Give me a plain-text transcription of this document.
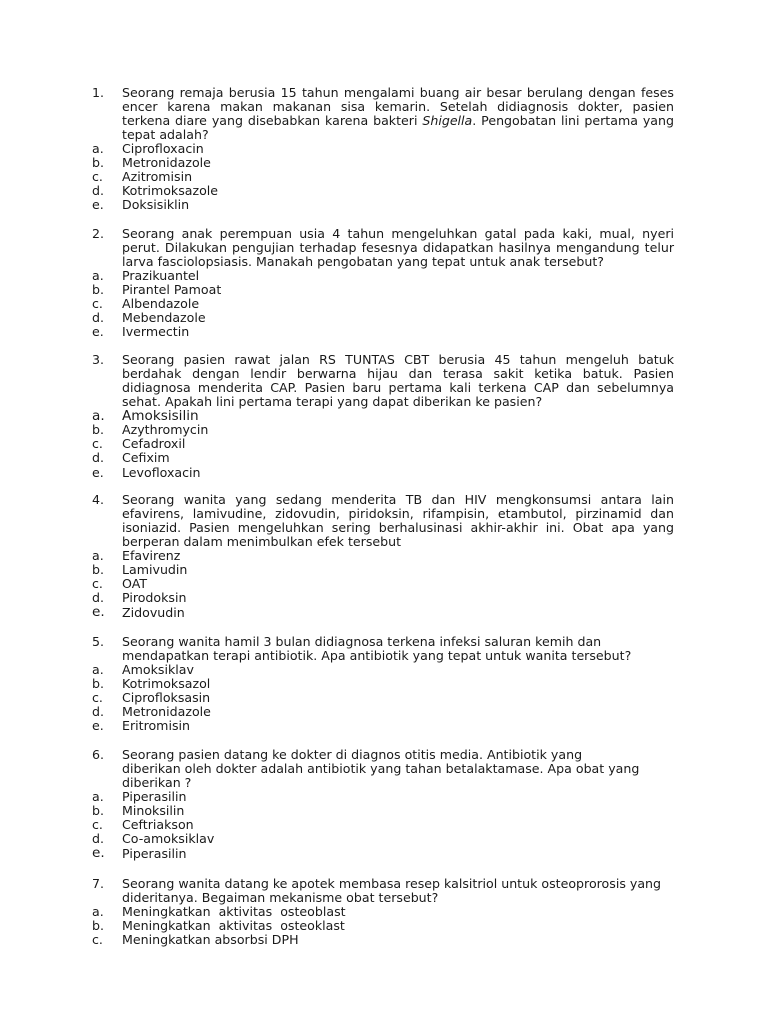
1. Seorang remaja berusia 15 tahun mengalami buang air besar berulang dengan feses encer karena makan makanan sisa kemarin. Setelah didiagnosis dokter, pasien terkena diare yang disebabkan karena bakteri Shigella. Pengobatan lini pertama yang tepat adalah?
a. Ciprofloxacin
b. Metronidazole
c. Azitromisin
d. Kotrimoksazole
e. Doksisiklin
2. Seorang anak perempuan usia 4 tahun mengeluhkan gatal pada kaki, mual, nyeri perut. Dilakukan pengujian terhadap fesesnya didapatkan hasilnya mengandung telur larva fasciolopsiasis. Manakah pengobatan yang tepat untuk anak tersebut?
a. Prazikuantel
b. Pirantel Pamoat
c. Albendazole
d. Mebendazole
e. Ivermectin
3. Seorang pasien rawat jalan RS TUNTAS CBT berusia 45 tahun mengeluh batuk berdahak dengan lendir berwarna hijau dan terasa sakit ketika batuk. Pasien didiagnosa menderita CAP. Pasien baru pertama kali terkena CAP dan sebelumnya sehat. Apakah lini pertama terapi yang dapat diberikan ke pasien?
a. Amoksisilin
b. Azythromycin
c. Cefadroxil
d. Cefixim
e. Levofloxacin
4. Seorang wanita yang sedang menderita TB dan HIV mengkonsumsi antara lain efavirens, lamivudine, zidovudin, piridoksin, rifampisin, etambutol, pirzinamid dan isoniazid. Pasien mengeluhkan sering berhalusinasi akhir-akhir ini. Obat apa yang berperan dalam menimbulkan efek tersebut
a. Efavirenz
b. Lamivudin
c. OAT
d. Pirodoksin
e. Zidovudin
5. Seorang wanita hamil 3 bulan didiagnosa terkena infeksi saluran kemih dan
mendapatkan terapi antibiotik. Apa antibiotik yang tepat untuk wanita tersebut?
a. Amoksiklav
b. Kotrimoksazol
c. Ciprofloksasin
d. Metronidazole
e. Eritromisin
6. Seorang pasien datang ke dokter di diagnos otitis media. Antibiotik yang
diberikan oleh dokter adalah antibiotik yang tahan betalaktamase. Apa obat yang
diberikan ?
a. Piperasilin
b. Minoksilin
c. Ceftriakson
d. Co-amoksiklav
e. Piperasilin
7. Seorang wanita datang ke apotek membasa resep kalsitriol untuk osteoprorosis yang
dideritanya. Begaiman mekanisme obat tersebut?
a. Meningkatkan  aktivitas  osteoblast
b. Meningkatkan  aktivitas  osteoklast
c. Meningkatkan absorbsi DPH
